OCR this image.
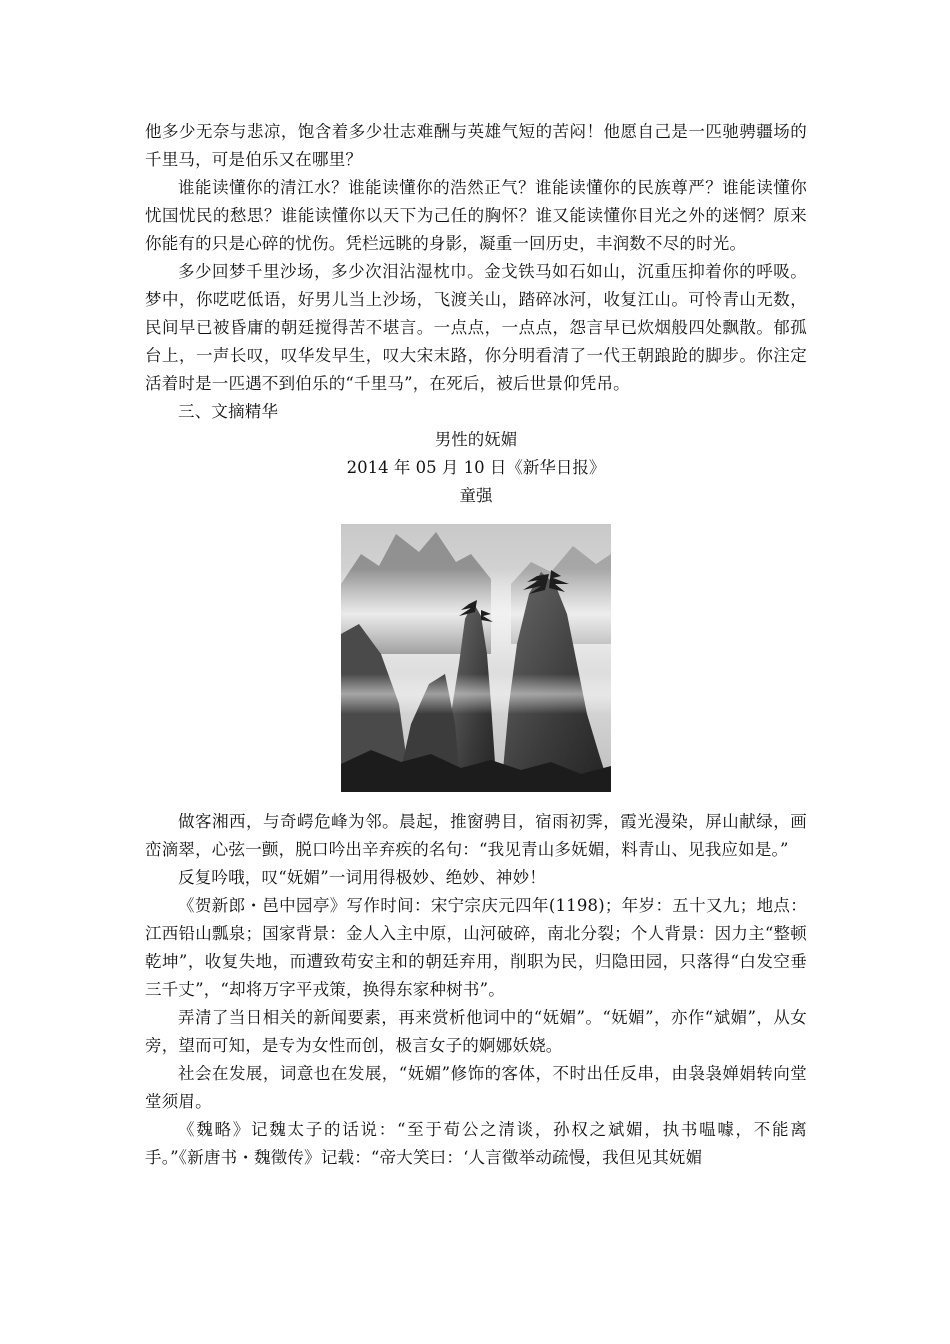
他多少无奈与悲凉，饱含着多少壮志难酬与英雄气短的苦闷！他愿自己是一匹驰骋疆场的千里马，可是伯乐又在哪里？

谁能读懂你的清江水？谁能读懂你的浩然正气？谁能读懂你的民族尊严？谁能读懂你忧国忧民的愁思？谁能读懂你以天下为己任的胸怀？谁又能读懂你目光之外的迷惘？原来你能有的只是心碎的忧伤。凭栏远眺的身影，凝重一回历史，丰润数不尽的时光。

多少回梦千里沙场，多少次泪沾湿枕巾。金戈铁马如石如山，沉重压抑着你的呼吸。梦中，你呓呓低语，好男儿当上沙场，飞渡关山，踏碎冰河，收复江山。可怜青山无数，民间早已被昏庸的朝廷搅得苦不堪言。一点点，一点点，怨言早已炊烟般四处飘散。郁孤台上，一声长叹，叹华发早生，叹大宋末路，你分明看清了一代王朝踉跄的脚步。你注定活着时是一匹遇不到伯乐的“千里马”，在死后，被后世景仰凭吊。

三、文摘精华

男性的妩媚

2014 年 05 月 10 日《新华日报》

童强

做客湘西，与奇崿危峰为邻。晨起，推窗骋目，宿雨初霁，霞光漫染，屏山献绿，画峦滴翠，心弦一颤，脱口吟出辛弃疾的名句：“我见青山多妩媚，料青山、见我应如是。”

反复吟哦，叹“妩媚”一词用得极妙、绝妙、神妙！

《贺新郎・邑中园亭》写作时间：宋宁宗庆元四年(1198)；年岁：五十又九；地点：江西铅山瓢泉；国家背景：金人入主中原，山河破碎，南北分裂；个人背景：因力主“整顿乾坤”，收复失地，而遭致苟安主和的朝廷弃用，削职为民，归隐田园，只落得“白发空垂三千丈”，“却将万字平戎策，换得东家种树书”。

弄清了当日相关的新闻要素，再来赏析他词中的“妩媚”。“妩媚”，亦作“斌媚”，从女旁，望而可知，是专为女性而创，极言女子的婀娜妖娆。

社会在发展，词意也在发展，“妩媚”修饰的客体，不时出任反串，由袅袅婵娟转向堂堂须眉。

《魏略》记魏太子的话说：“至于荀公之清谈，孙权之斌媚，执书嗢噱，不能离手。”《新唐书・魏徵传》记载：“帝大笑曰：‘人言徵举动疏慢，我但见其妩媚
